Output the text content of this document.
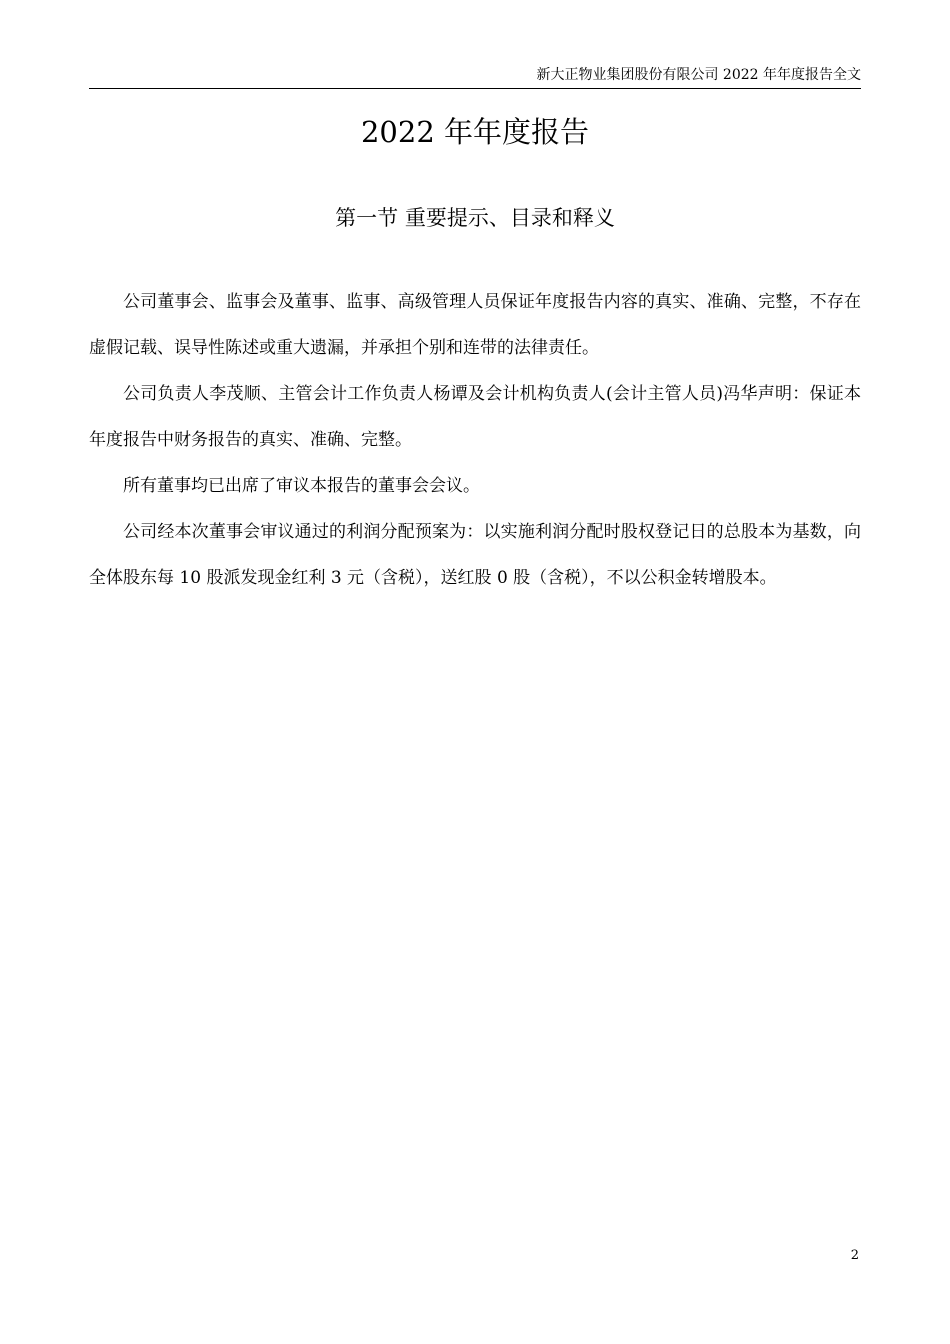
新大正物业集团股份有限公司 2022 年年度报告全文
2022 年年度报告
第一节 重要提示、目录和释义

公司董事会、监事会及董事、监事、高级管理人员保证年度报告内容的真实、准确、完整，不存在虚假记载、误导性陈述或重大遗漏，并承担个别和连带的法律责任。

公司负责人李茂顺、主管会计工作负责人杨谭及会计机构负责人(会计主管人员)冯华声明：保证本年度报告中财务报告的真实、准确、完整。

所有董事均已出席了审议本报告的董事会会议。

公司经本次董事会审议通过的利润分配预案为：以实施利润分配时股权登记日的总股本为基数，向全体股东每 10 股派发现金红利 3 元（含税），送红股 0 股（含税），不以公积金转增股本。

2
